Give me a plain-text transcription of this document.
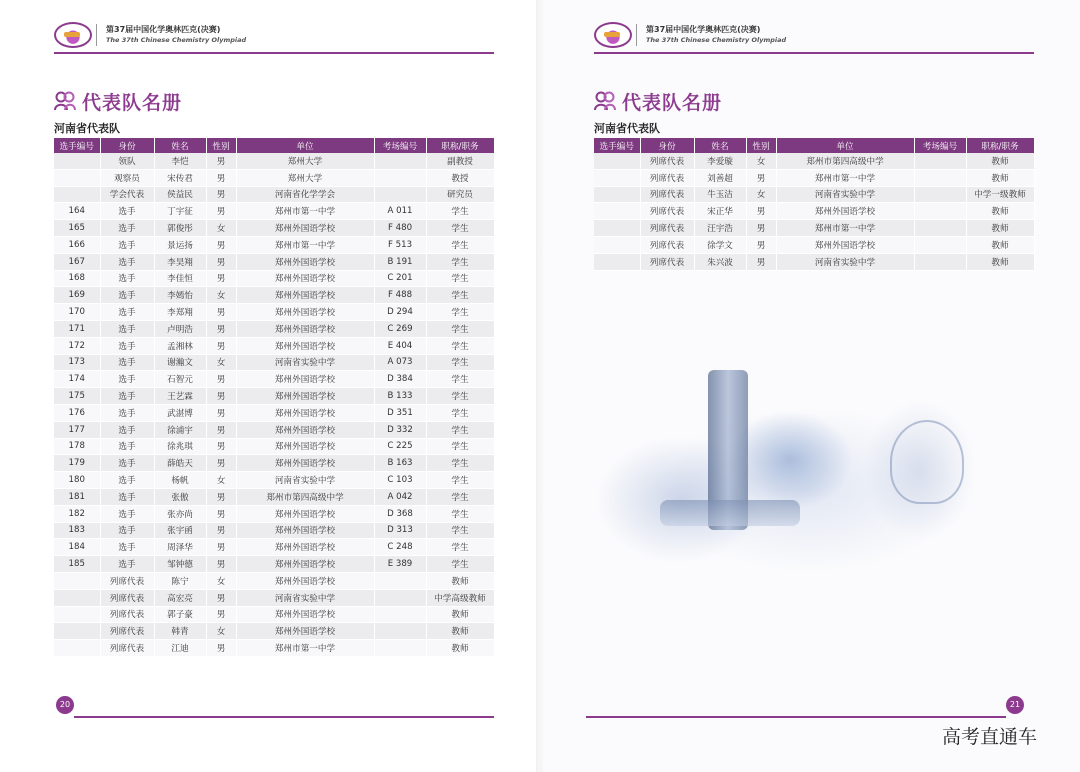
第37届中国化学奥林匹克(决赛)
The 37th Chinese Chemistry Olympiad
代表队名册
河南省代表队
选手编号	身份	姓名	性别	单位	考场编号	职称/职务
	领队	李恺	男	郑州大学		副教授
	观察员	宋传君	男	郑州大学		教授
	学会代表	侯益民	男	河南省化学学会		研究员
164	选手	丁宇征	男	郑州市第一中学	A 011	学生
165	选手	郭俊彤	女	郑州外国语学校	F 480	学生
166	选手	景运扬	男	郑州市第一中学	F 513	学生
167	选手	李昊翔	男	郑州外国语学校	B 191	学生
168	选手	李佳恒	男	郑州外国语学校	C 201	学生
169	选手	李嫣怡	女	郑州外国语学校	F 488	学生
170	选手	李郑翔	男	郑州外国语学校	D 294	学生
171	选手	卢明浩	男	郑州外国语学校	C 269	学生
172	选手	孟湘林	男	郑州外国语学校	E 404	学生
173	选手	谢瀚文	女	河南省实验中学	A 073	学生
174	选手	石智元	男	郑州外国语学校	D 384	学生
175	选手	王艺霖	男	郑州外国语学校	B 133	学生
176	选手	武湛博	男	郑州外国语学校	D 351	学生
177	选手	徐浦宇	男	郑州外国语学校	D 332	学生
178	选手	徐兆琪	男	郑州外国语学校	C 225	学生
179	选手	薛皓天	男	郑州外国语学校	B 163	学生
180	选手	杨帆	女	河南省实验中学	C 103	学生
181	选手	张傲	男	郑州市第四高级中学	A 042	学生
182	选手	张亦尚	男	郑州外国语学校	D 368	学生
183	选手	张宇函	男	郑州外国语学校	D 313	学生
184	选手	周泽华	男	郑州外国语学校	C 248	学生
185	选手	邹钟德	男	郑州外国语学校	E 389	学生
	列席代表	陈宁	女	郑州外国语学校		教师
	列席代表	高宏亮	男	河南省实验中学		中学高级教师
	列席代表	郭子豪	男	郑州外国语学校		教师
	列席代表	韩青	女	郑州外国语学校		教师
	列席代表	江迪	男	郑州市第一中学		教师
20
第37届中国化学奥林匹克(决赛)
The 37th Chinese Chemistry Olympiad
代表队名册
河南省代表队
选手编号	身份	姓名	性别	单位	考场编号	职称/职务
	列席代表	李爱璇	女	郑州市第四高级中学		教师
	列席代表	刘善超	男	郑州市第一中学		教师
	列席代表	牛玉洁	女	河南省实验中学		中学一级教师
	列席代表	宋正华	男	郑州外国语学校		教师
	列席代表	汪宇浩	男	郑州市第一中学		教师
	列席代表	徐学文	男	郑州外国语学校		教师
	列席代表	朱兴波	男	河南省实验中学		教师
21
高考直通车
